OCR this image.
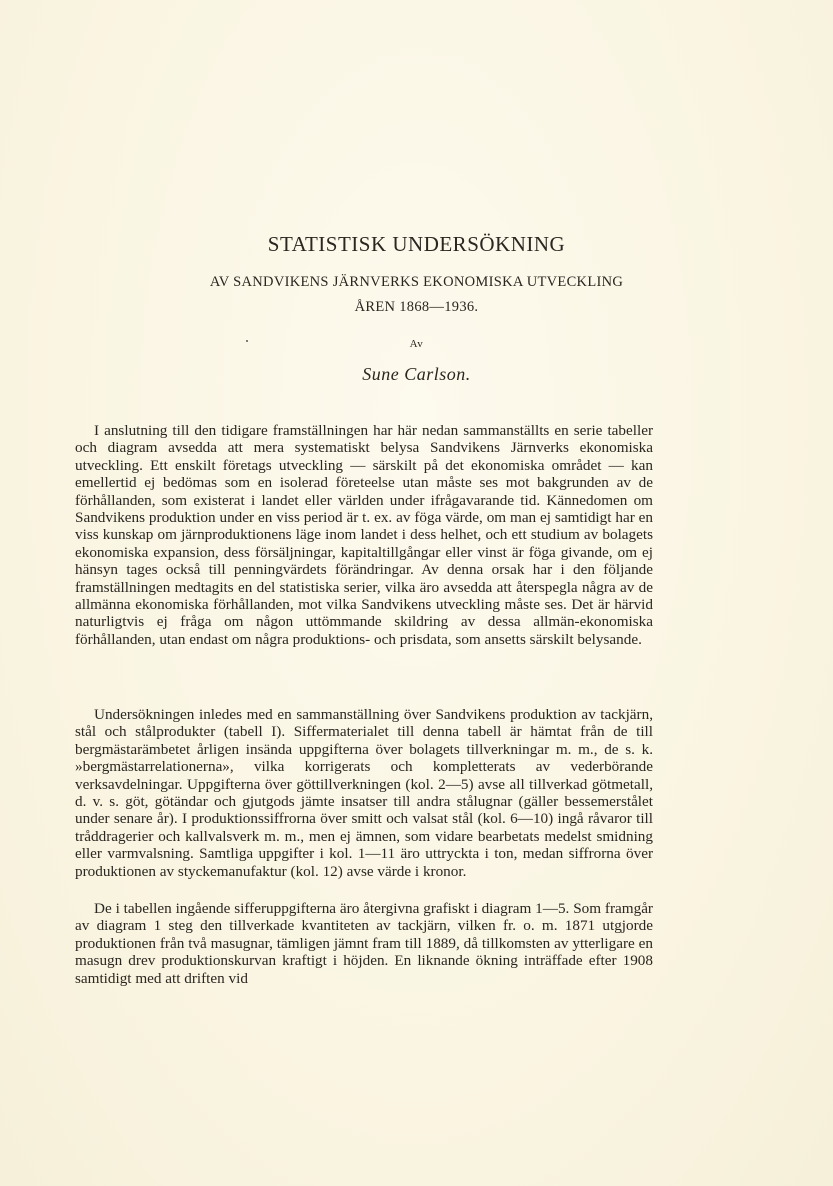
STATISTISK UNDERSÖKNING
AV SANDVIKENS JÄRNVERKS EKONOMISKA UTVECKLING
ÅREN 1868—1936.
Av
Sune Carlson.

I anslutning till den tidigare framställningen har här nedan sammanställts en serie tabeller och diagram avsedda att mera systematiskt belysa Sandvikens Järnverks ekonomiska utveckling. Ett enskilt företags utveckling — särskilt på det ekonomiska området — kan emellertid ej bedömas som en isolerad företeelse utan måste ses mot bakgrunden av de förhållanden, som existerat i landet eller världen under ifrågavarande tid. Kännedomen om Sandvikens produktion under en viss period är t. ex. av föga värde, om man ej samtidigt har en viss kunskap om järnproduktionens läge inom landet i dess helhet, och ett studium av bolagets ekonomiska expansion, dess försäljningar, kapitaltillgångar eller vinst är föga givande, om ej hänsyn tages också till penningvärdets förändringar. Av denna orsak har i den följande framställningen medtagits en del statistiska serier, vilka äro avsedda att återspegla några av de allmänna ekonomiska förhållanden, mot vilka Sandvikens utveckling måste ses. Det är härvid naturligtvis ej fråga om någon uttömmande skildring av dessa allmän-ekonomiska förhållanden, utan endast om några produktions- och prisdata, som ansetts särskilt belysande.

Undersökningen inledes med en sammanställning över Sandvikens produktion av tackjärn, stål och stålprodukter (tabell I). Siffermaterialet till denna tabell är hämtat från de till bergmästarämbetet årligen insända uppgifterna över bolagets tillverkningar m. m., de s. k. »bergmästarrelationerna», vilka korrigerats och kompletterats av vederbörande verksavdelningar. Uppgifterna över göttillverkningen (kol. 2—5) avse all tillverkad götmetall, d. v. s. göt, götändar och gjutgods jämte insatser till andra stålugnar (gäller bessemerstålet under senare år). I produktionssiffrorna över smitt och valsat stål (kol. 6—10) ingå råvaror till tråddragerier och kallvalsverk m. m., men ej ämnen, som vidare bearbetats medelst smidning eller varmvalsning. Samtliga uppgifter i kol. 1—11 äro uttryckta i ton, medan siffrorna över produktionen av styckemanufaktur (kol. 12) avse värde i kronor.

De i tabellen ingående sifferuppgifterna äro återgivna grafiskt i diagram 1—5. Som framgår av diagram 1 steg den tillverkade kvantiteten av tackjärn, vilken fr. o. m. 1871 utgjorde produktionen från två masugnar, tämligen jämnt fram till 1889, då tillkomsten av ytterligare en masugn drev produktionskurvan kraftigt i höjden. En liknande ökning inträffade efter 1908 samtidigt med att driften vid
